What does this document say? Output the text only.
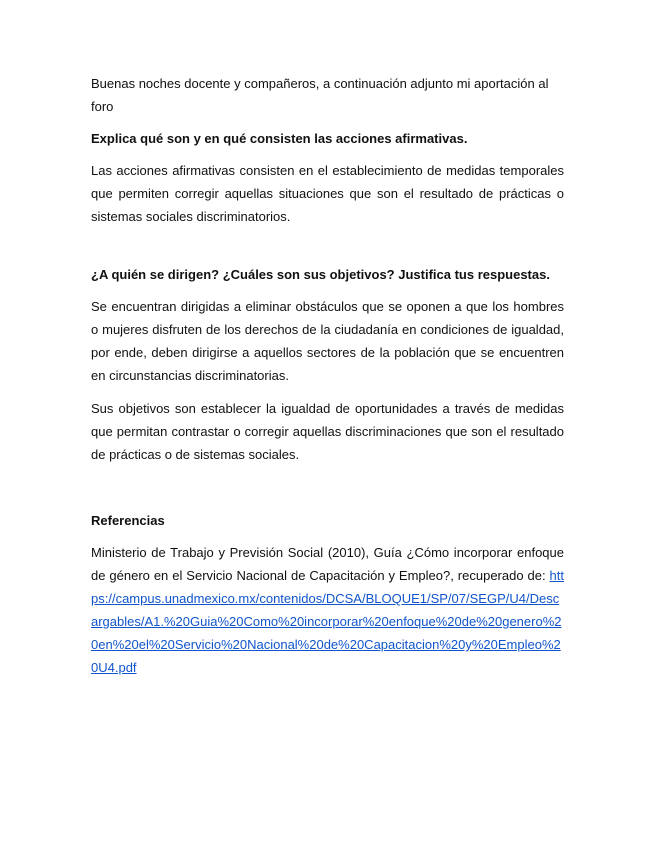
Buenas noches docente y compañeros, a continuación adjunto mi aportación al foro

Explica qué son y en qué consisten las acciones afirmativas.

Las acciones afirmativas consisten en el establecimiento de medidas temporales que permiten corregir aquellas situaciones que son el resultado de prácticas o sistemas sociales discriminatorios.

¿A quién se dirigen? ¿Cuáles son sus objetivos? Justifica tus respuestas.

Se encuentran dirigidas a eliminar obstáculos que se oponen a que los hombres o mujeres disfruten de los derechos de la ciudadanía en condiciones de igualdad, por ende, deben dirigirse a aquellos sectores de la población que se encuentren en circunstancias discriminatorias.

Sus objetivos son establecer la igualdad de oportunidades a través de medidas que permitan contrastar o corregir aquellas discriminaciones que son el resultado de prácticas o de sistemas sociales.

Referencias

Ministerio de Trabajo y Previsión Social (2010), Guía ¿Cómo incorporar enfoque de género en el Servicio Nacional de Capacitación y Empleo?, recuperado de: https://campus.unadmexico.mx/contenidos/DCSA/BLOQUE1/SP/07/SEGP/U4/Descargables/A1.%20Guia%20Como%20incorporar%20enfoque%20de%20genero%20en%20el%20Servicio%20Nacional%20de%20Capacitacion%20y%20Empleo%20U4.pdf
